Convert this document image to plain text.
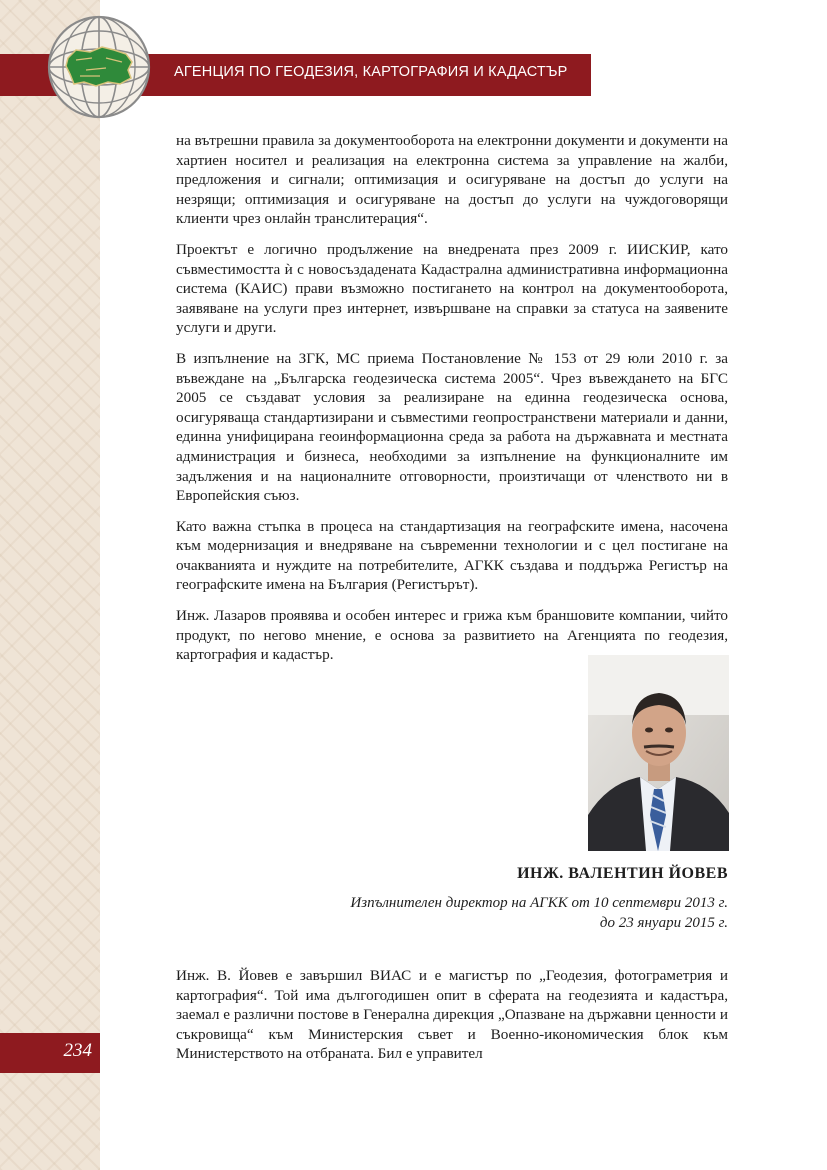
АГЕНЦИЯ ПО ГЕОДЕЗИЯ, КАРТОГРАФИЯ И КАДАСТЪР

на вътрешни правила за документооборота на електронни документи и документи на хартиен носител и реализация на електронна система за управление на жалби, предложения и сигнали; оптимизация и осигуряване на достъп до услуги на незрящи; оптимизация и осигуряване на достъп до услуги на чуждоговорящи клиенти чрез онлайн транслитерация“.

Проектът е логично продължение на внедрената през 2009 г. ИИСКИР, като съвместимостта ѝ с новосъздадената Кадастрална административна информационна система (КАИС) прави възможно постигането на контрол на документооборота, заявяване на услуги през интернет, извършване на справки за статуса на заявените услуги и други.

В изпълнение на ЗГК, МС приема Постановление № 153 от 29 юли 2010 г. за въвеждане на „Българска геодезическа система 2005“. Чрез въвеждането на БГС 2005 се създават условия за реализиране на единна геодезическа основа, осигуряваща стандартизирани и съвместими геопространствени материали и данни, единна унифицирана геоинформационна среда за работа на държавната и местната администрация и бизнеса, необходими за изпълнение на функционалните им задължения и на националните отговорности, произтичащи от членството ни в Европейския съюз.

Като важна стъпка в процеса на стандартизация на географските имена, насочена към модернизация и внедряване на съвременни технологии и с цел постигане на очакванията и нуждите на потребителите, АГКК създава и поддържа Регистър на географските имена на България (Регистърът).

Инж. Лазаров проявява и особен интерес и грижа към браншовите компании, чийто продукт, по негово мнение, е основа за развитието на Агенцията по геодезия, картография и кадастър.

ИНЖ. ВАЛЕНТИН ЙОВЕВ
Изпълнителен директор на АГКК от 10 септември 2013 г.
до 23 януари 2015 г.

Инж. В. Йовев е завършил ВИАС и е магистър по „Геодезия, фотограметрия и картография“. Той има дългогодишен опит в сферата на геодезията и кадастъра, заемал е различни постове в Генерална дирекция „Опазване на държавни ценности и съкровища“ към Министерския съвет и Военно-икономическия блок към Министерството на отбраната. Бил е управител

234
